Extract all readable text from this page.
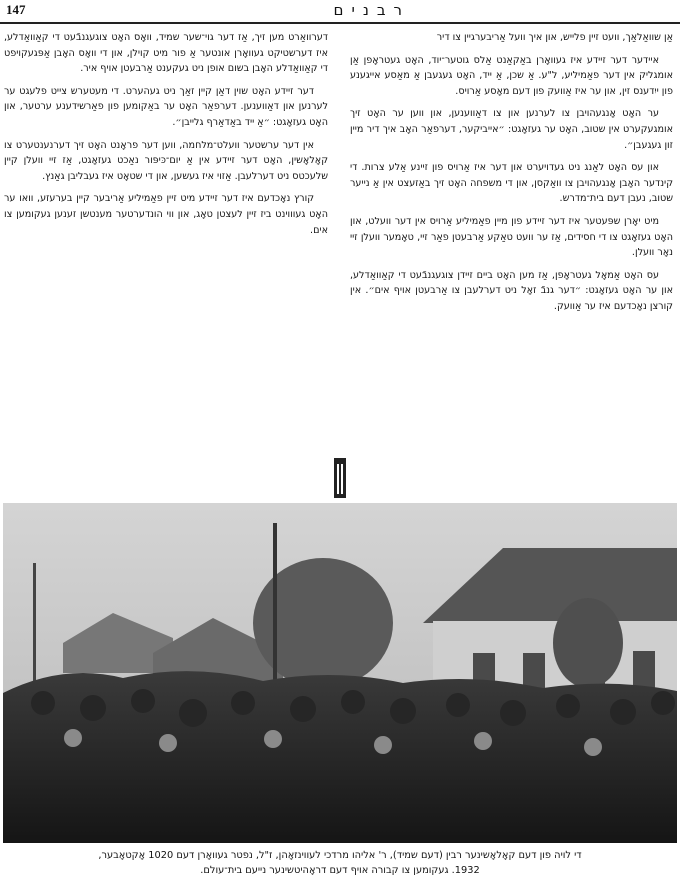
147	רבנים

אַן שוואַלאַך, וועט זיין פלייש, און איך וועל אַריבערגיין צו דיר

איידער דער זיידע איז געוואָרן באַקאַנט אַלס גוטער־יוד, האָט געטראָפן אַן אומגליק אין דער פאַמיליע, ל"ע. אַ שכן, אַ ייד, האָט געגעבן אַ מאַסע אייגענע פון ייִדענס זין, און ער איז אַוועק פון דעם מאָסע אַרויס.

ער האָט אָנגעהויבן צו לערנען און צו דאַווענען, און ווען ער האָט זיך אומגעקערט אין שטוב, האָט ער געזאָגט: ״אייביקער, דערפאַר האָב איך דיר מיין זון געגעבן״.

און עס האָט לאַנג ניט געדויערט און דער איז אַרויס פון זיינע אַלע צרות. די קינדער האָבן אָנגעהויבן צו וואַקסן, און די משפחה האָט זיך באַזעצט אין אַ נייער שטוב, נעבן דעם בית־מדרש.

מיט יאָרן שפּעטער איז דער זיידע פון מיין פאַמיליע אַרויס אין דער וועלט, און האָט געזאָגט צו די חסידים, אַז ער וועט טאַקע אַרבעטן פאַר זיי, טאָמער וועלן זיי נאָר וועלן.

עס האָט אַמאָל געטראָפן, אַז מען האָט ביים זיידן צוגעגנבֿעט די קאַוואַדלע, און ער האָט געזאָגט: ״דער גנבֿ זאָל ניט דערלעבן צו אַרבעטן אויף אים״. אין קורצן נאָכדעם איז ער אַוועק.

דערוואַרט מען זיך, אַז דער גוי־שער שמיד, וואָס האָט צוגעגנבֿעט די קאַוואַדלע, איז דערשטיקט געוואָרן אונטער אַ פור מיט קוילן, און די וואָס האָבן אַפּגעקויפט די קאַוואַדלע האָבן בשום אופן ניט געקענט אַרבעטן אויף איר.

דער זיידע האָט שוין דאַן קיין זאַך ניט געהערט. די מעטערש צייט פלעגט ער לערנען און דאַווענען. דערפאַר האָט ער באַקומען פון פאַרשידענע ערטער, און האָט געזאָגט: ״אַ ייד באַדאַרף גלייבן״.

אין דער ערשטער וועלט־מלחמה, ווען דער פראָנט האָט זיך דערנענטערט צו קאָלאָשין, האָט דער זיידע אין אַ יום־כּיפּור נאַכט געזאָגט, אַז זיי וועלן קיין שלעכטס ניט דערלעבן. אַזוי איז געשען, און די שטאָט איז געבליבן גאַנץ.

קורץ נאָכדעם איז דער זיידע מיט זיין פאַמיליע אַריבער קיין בערעזע, וואו ער האָט געוווינט ביז זיין לעצטן טאָג, און ווי הונדערטער מענטשן זענען געקומען צו אים.

די לויה פון דעם קאָלאָשינער רבין (דעם שמיד), ר' אליהו מרדכי לעווינזאָהן, ז"ל, נפטר געוואָרן דעם 1020 אָקטאָבער,
1932. געקומען צו קבורה אויף דעם דראָהיטשינער נייעם בית־עולם.
